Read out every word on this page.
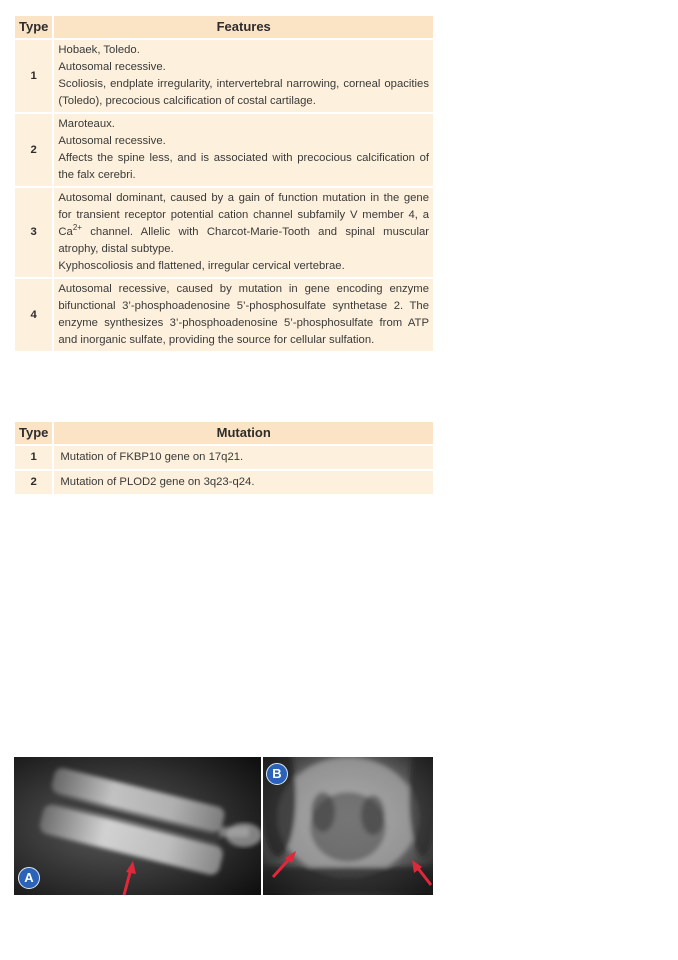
Type	Features
1	Hobaek, Toledo.
Autosomal recessive.
Scoliosis, endplate irregularity, intervertebral narrowing, corneal opacities (Toledo), precocious calcification of costal cartilage.

2	Maroteaux.
Autosomal recessive.
Affects the spine less, and is associated with precocious calcification of the falx cerebri.

3	Autosomal dominant, caused by a gain of function mutation in the gene for transient receptor potential cation channel subfamily V member 4, a $Ca^{2+}$ channel. Allelic with Charcot-Marie-Tooth and spinal muscular atrophy, distal subtype.
Kyphoscoliosis and flattened, irregular cervical vertebrae.

4	Autosomal recessive, caused by mutation in gene encoding enzyme bifunctional 3’-phosphoadenosine 5’-phosphosulfate synthetase 2. The enzyme synthesizes 3’-phosphoadenosine 5’-phosphosulfate from ATP and inorganic sulfate, providing the source for cellular sulfation.
Type	Mutation
1	Mutation of FKBP10 gene on 17q21.
2	Mutation of PLOD2 gene on 3q23-q24.
A
B
